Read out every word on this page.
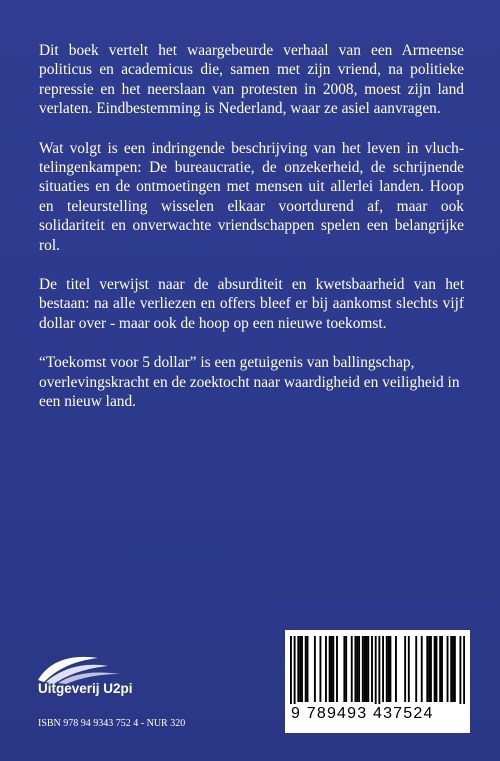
Dit boek vertelt het waargebeurde verhaal van een Armeense politicus en academicus die, samen met zijn vriend, na politieke repressie en het neerslaan van protesten in 2008, moest zijn land verlaten. Eindbestemming is Nederland, waar ze asiel aanvragen.

Wat volgt is een indringende beschrijving van het leven in vluchtelingenkampen: De bureaucratie, de onzekerheid, de schrijnende situaties en de ontmoetingen met mensen uit allerlei landen. Hoop en teleurstelling wisselen elkaar voortdurend af, maar ook solidariteit en onverwachte vriendschappen spelen een belangrijke rol.

De titel verwijst naar de absurditeit en kwetsbaarheid van het bestaan: na alle verliezen en offers bleef er bij aankomst slechts vijf dollar over - maar ook de hoop op een nieuwe toekomst.

“Toekomst voor 5 dollar” is een getuigenis van ballingschap, overlevingskracht en de zoektocht naar waardigheid en veiligheid in een nieuw land.

Uitgeverij U2pi
ISBN 978 94 9343 752 4 - NUR 320
9 789493 437524
